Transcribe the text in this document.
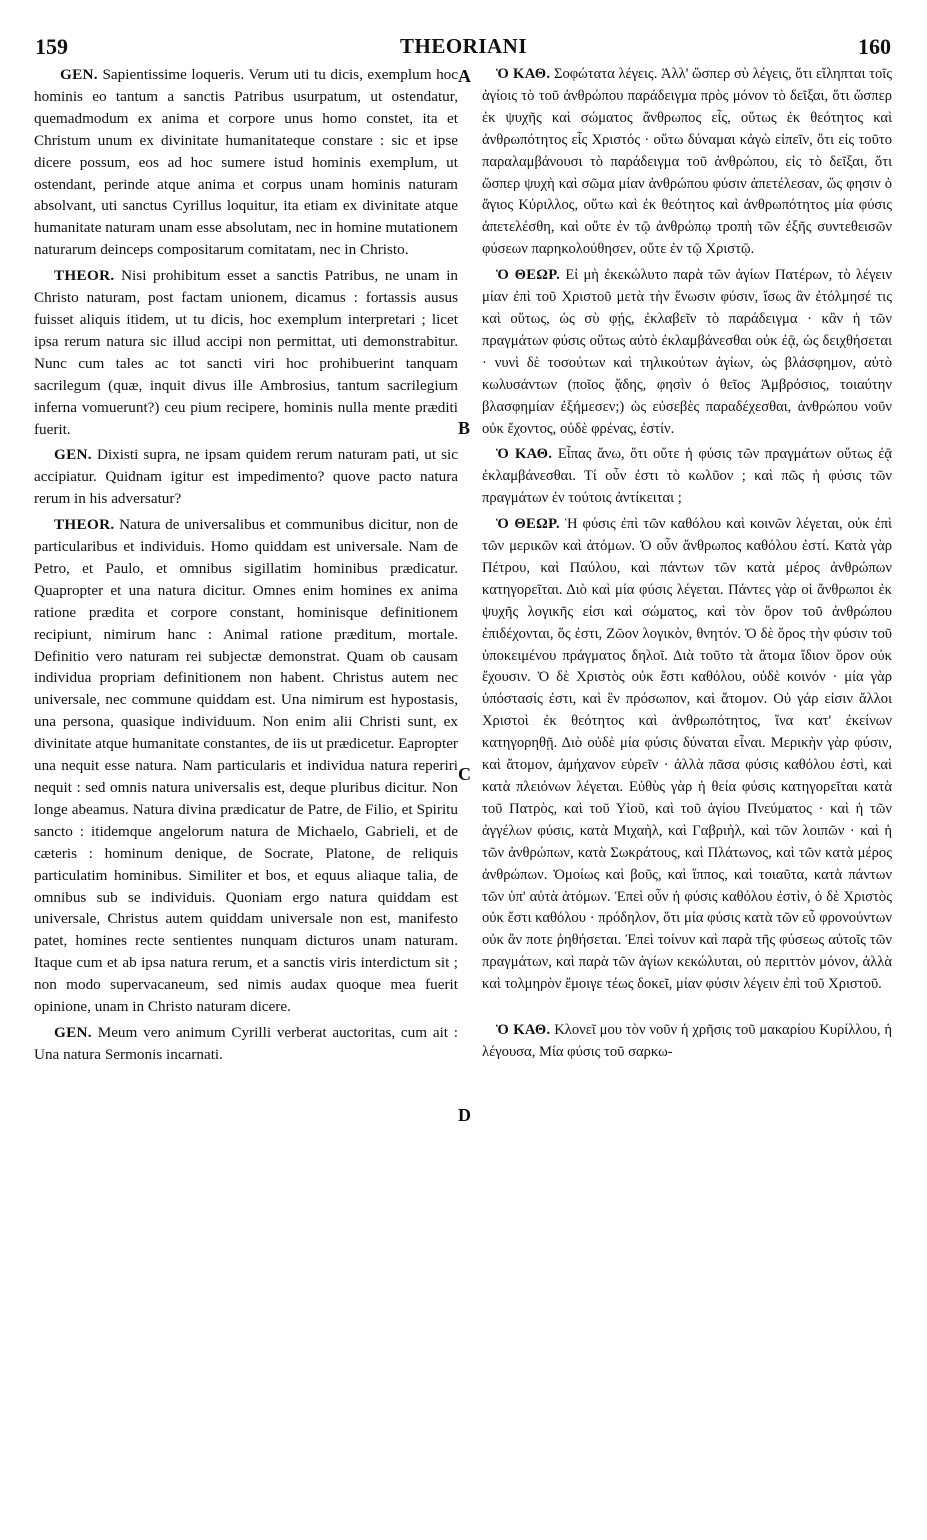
159	THEORIANI	160
A
B
C
D

GEN. Sapientissime loqueris. Verum uti tu dicis, exemplum hoc hominis eo tantum a sanctis Patribus usurpatum, ut ostendatur, quemadmodum ex anima et corpore unus homo constet, ita et Christum unum ex divinitate humanitateque constare : sic et ipse dicere possum, eos ad hoc sumere istud hominis exemplum, ut ostendant, perinde atque anima et corpus unam hominis naturam absolvant, uti sanctus Cyrillus loquitur, ita etiam ex divinitate atque humanitate naturam unam esse absolutam, nec in homine mutationem naturarum deinceps compositarum comitatam, nec in Christo.

THEOR. Nisi prohibitum esset a sanctis Patribus, ne unam in Christo naturam, post factam unionem, dicamus : fortassis ausus fuisset aliquis itidem, ut tu dicis, hoc exemplum interpretari ; licet ipsa rerum natura sic illud accipi non permittat, uti demonstrabitur. Nunc cum tales ac tot sancti viri hoc prohibuerint tanquam sacrilegum (quæ, inquit divus ille Ambrosius, tantum sacrilegium inferna vomuerunt?) ceu pium recipere, hominis nulla mente præditi fuerit.

GEN. Dixisti supra, ne ipsam quidem rerum naturam pati, ut sic accipiatur. Quidnam igitur est impedimento? quove pacto natura rerum in his adversatur?

THEOR. Natura de universalibus et communibus dicitur, non de particularibus et individuis. Homo quiddam est universale. Nam de Petro, et Paulo, et omnibus sigillatim hominibus prædicatur. Quapropter et una natura dicitur. Omnes enim homines ex anima ratione prædita et corpore constant, hominisque definitionem recipiunt, nimirum hanc : Animal ratione præditum, mortale. Definitio vero naturam rei subjectæ demonstrat. Quam ob causam individua propriam definitionem non habent. Christus autem nec universale, nec commune quiddam est. Una nimirum est hypostasis, una persona, quasique individuum. Non enim alii Christi sunt, ex divinitate atque humanitate constantes, de iis ut prædicetur. Eapropter una nequit esse natura. Nam particularis et individua natura reperiri nequit : sed omnis natura universalis est, deque pluribus dicitur. Non longe abeamus. Natura divina prædicatur de Patre, de Filio, et Spiritu sancto : itidemque angelorum natura de Michaelo, Gabrieli, et de cæteris : hominum denique, de Socrate, Platone, de reliquis particulatim hominibus. Similiter et bos, et equus aliaque talia, de omnibus sub se individuis. Quoniam ergo natura quiddam est universale, Christus autem quiddam universale non est, manifesto patet, homines recte sentientes nunquam dicturos unam naturam. Itaque cum et ab ipsa natura rerum, et a sanctis viris interdictum sit ; non modo supervacaneum, sed nimis audax quoque mea fuerit opinione, unam in Christo naturam dicere.

GEN. Meum vero animum Cyrilli verberat auctoritas, cum ait : Una natura Sermonis incarnati.

Ὁ ΚΑΘ. Σοφώτατα λέγεις. Ἀλλ' ὥσπερ σὺ λέγεις, ὅτι εἴληπται τοῖς ἁγίοις τὸ τοῦ ἀνθρώπου παράδειγμα πρὸς μόνον τὸ δεῖξαι, ὅτι ὥσπερ ἐκ ψυχῆς καὶ σώματος ἄνθρωπος εἷς, οὕτως ἐκ θεότητος καὶ ἀνθρωπότητος εἷς Χριστός · οὕτω δύναμαι κἀγὼ εἰπεῖν, ὅτι εἰς τοῦτο παραλαμβάνουσι τὸ παράδειγμα τοῦ ἀνθρώπου, εἰς τὸ δεῖξαι, ὅτι ὥσπερ ψυχὴ καὶ σῶμα μίαν ἀνθρώπου φύσιν ἀπετέλεσαν, ὥς φησιν ὁ ἅγιος Κύριλλος, οὕτω καὶ ἐκ θεότητος καὶ ἀνθρωπότητος μία φύσις ἀπετελέσθη, καὶ οὔτε ἐν τῷ ἀνθρώπῳ τροπὴ τῶν ἐξῆς συντεθεισῶν φύσεων παρηκολούθησεν, οὔτε ἐν τῷ Χριστῷ.

Ὁ ΘΕΩΡ. Εἰ μὴ ἐκεκώλυτο παρὰ τῶν ἁγίων Πατέρων, τὸ λέγειν μίαν ἐπὶ τοῦ Χριστοῦ μετὰ τὴν ἕνωσιν φύσιν, ἴσως ἂν ἐτόλμησέ τις καὶ οὕτως, ὡς σὺ φῄς, ἐκλαβεῖν τὸ παράδειγμα · κἂν ἡ τῶν πραγμάτων φύσις οὕτως αὐτὸ ἐκλαμβάνεσθαι οὐκ ἐᾷ, ὡς δειχθήσεται · νυνὶ δὲ τοσούτων καὶ τηλικούτων ἁγίων, ὡς βλάσφημον, αὐτὸ κωλυσάντων (ποῖος ᾅδης, φησὶν ὁ θεῖος Ἀμβρόσιος, τοιαύτην βλασφημίαν ἐξήμεσεν;) ὡς εὐσεβὲς παραδέχεσθαι, ἀνθρώπου νοῦν οὐκ ἔχοντος, οὐδὲ φρένας, ἐστίν.

Ὁ ΚΑΘ. Εἶπας ἄνω, ὅτι οὔτε ἡ φύσις τῶν πραγμάτων οὕτως ἐᾷ ἐκλαμβάνεσθαι. Τί οὖν ἐστι τὸ κωλῦον ; καὶ πῶς ἡ φύσις τῶν πραγμάτων ἐν τούτοις ἀντίκειται ;

Ὁ ΘΕΩΡ. Ἡ φύσις ἐπὶ τῶν καθόλου καὶ κοινῶν λέγεται, οὐκ ἐπὶ τῶν μερικῶν καὶ ἀτόμων. Ὁ οὖν ἄνθρωπος καθόλου ἐστί. Κατὰ γὰρ Πέτρου, καὶ Παύλου, καὶ πάντων τῶν κατὰ μέρος ἀνθρώπων κατηγορεῖται. Διὸ καὶ μία φύσις λέγεται. Πάντες γὰρ οἱ ἄνθρωποι ἐκ ψυχῆς λογικῆς εἰσι καὶ σώματος, καὶ τὸν ὅρον τοῦ ἀνθρώπου ἐπιδέχονται, ὅς ἐστι, Ζῶον λογικὸν, θνητόν. Ὁ δὲ ὅρος τὴν φύσιν τοῦ ὑποκειμένου πράγματος δηλοῖ. Διὰ τοῦτο τὰ ἄτομα ἴδιον ὅρον οὐκ ἔχουσιν. Ὁ δὲ Χριστὸς οὐκ ἔστι καθόλου, οὐδὲ κοινόν · μία γὰρ ὑπόστασίς ἐστι, καὶ ἓν πρόσωπον, καὶ ἄτομον. Οὐ γάρ εἰσιν ἄλλοι Χριστοὶ ἐκ θεότητος καὶ ἀνθρωπότητος, ἵνα κατ' ἐκείνων κατηγορηθῇ. Διὸ οὐδὲ μία φύσις δύναται εἶναι. Μερικὴν γὰρ φύσιν, καὶ ἄτομον, ἀμήχανον εὑρεῖν · ἀλλὰ πᾶσα φύσις καθόλου ἐστὶ, καὶ κατὰ πλειόνων λέγεται. Εὐθὺς γὰρ ἡ θεία φύσις κατηγορεῖται κατὰ τοῦ Πατρὸς, καὶ τοῦ Υἱοῦ, καὶ τοῦ ἁγίου Πνεύματος · καὶ ἡ τῶν ἀγγέλων φύσις, κατὰ Μιχαὴλ, καὶ Γαβριὴλ, καὶ τῶν λοιπῶν · καὶ ἡ τῶν ἀνθρώπων, κατὰ Σωκράτους, καὶ Πλάτωνος, καὶ τῶν κατὰ μέρος ἀνθρώπων. Ὁμοίως καὶ βοῦς, καὶ ἵππος, καὶ τοιαῦτα, κατὰ πάντων τῶν ὑπ' αὐτὰ ἀτόμων. Ἐπεὶ οὖν ἡ φύσις καθόλου ἐστὶν, ὁ δὲ Χριστὸς οὐκ ἔστι καθόλου · πρόδηλον, ὅτι μία φύσις κατὰ τῶν εὖ φρονούντων οὐκ ἄν ποτε ῥηθήσεται. Ἐπεὶ τοίνυν καὶ παρὰ τῆς φύσεως αὐτοῖς τῶν πραγμάτων, καὶ παρὰ τῶν ἁγίων κεκώλυται, οὐ περιττὸν μόνον, ἀλλὰ καὶ τολμηρὸν ἔμοιγε τέως δοκεῖ, μίαν φύσιν λέγειν ἐπὶ τοῦ Χριστοῦ.

Ὁ ΚΑΘ. Κλονεῖ μου τὸν νοῦν ἡ χρῆσις τοῦ μακαρίου Κυρίλλου, ἡ λέγουσα, Μία φύσις τοῦ σαρκω-
